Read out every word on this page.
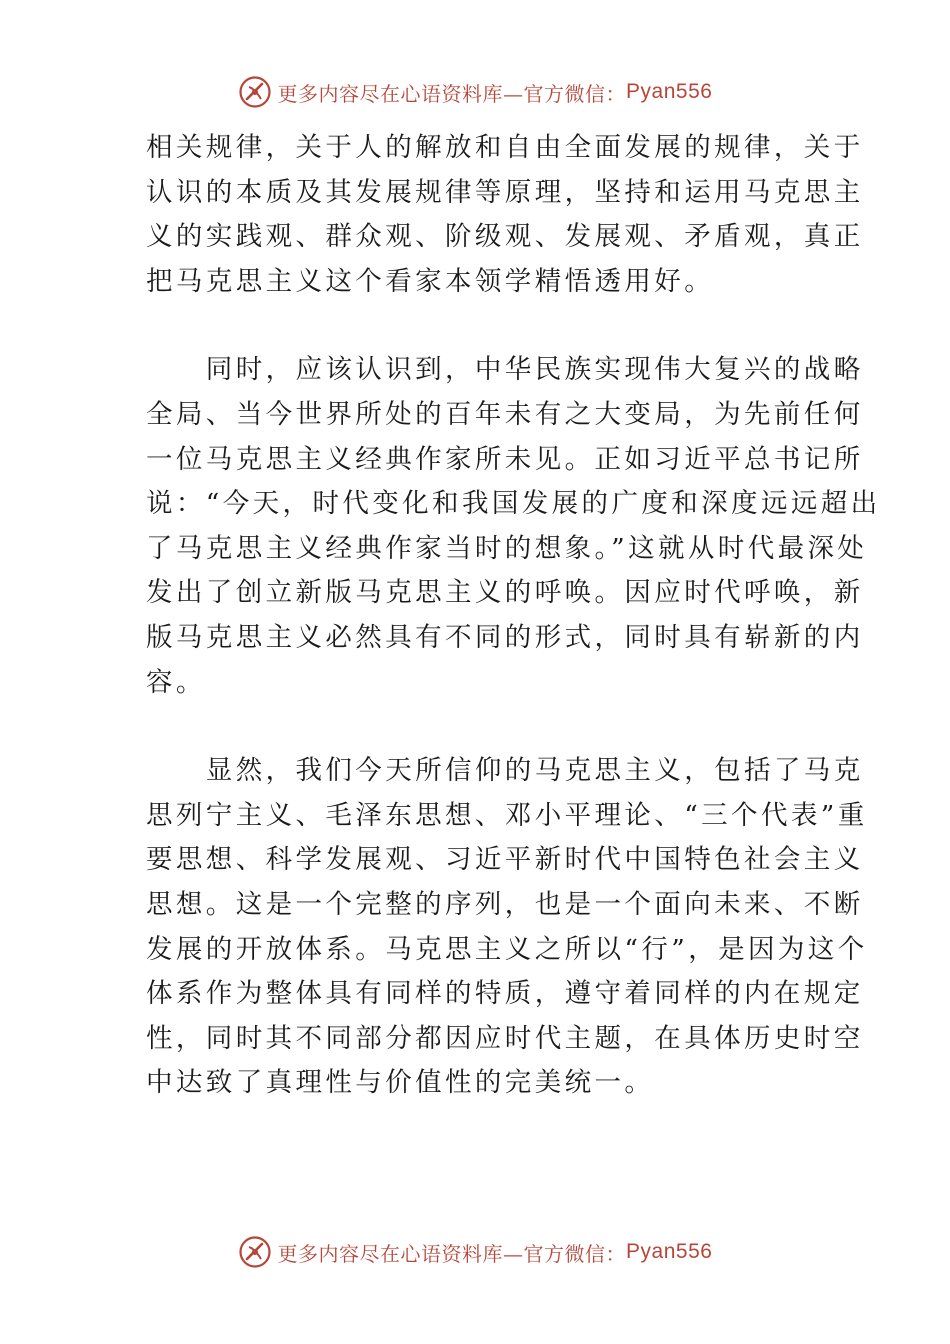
更多内容尽在心语资料库—官方微信： Pyan556

相关规律，关于人的解放和自由全面发展的规律，关于
认识的本质及其发展规律等原理，坚持和运用马克思主
义的实践观、群众观、阶级观、发展观、矛盾观，真正
把马克思主义这个看家本领学精悟透用好。

　　同时，应该认识到，中华民族实现伟大复兴的战略
全局、当今世界所处的百年未有之大变局，为先前任何
一位马克思主义经典作家所未见。正如习近平总书记所
说：“今天，时代变化和我国发展的广度和深度远远超出
了马克思主义经典作家当时的想象。”这就从时代最深处
发出了创立新版马克思主义的呼唤。因应时代呼唤，新
版马克思主义必然具有不同的形式，同时具有崭新的内
容。

　　显然，我们今天所信仰的马克思主义，包括了马克
思列宁主义、毛泽东思想、邓小平理论、“三个代表”重
要思想、科学发展观、习近平新时代中国特色社会主义
思想。这是一个完整的序列，也是一个面向未来、不断
发展的开放体系。马克思主义之所以“行”，是因为这个
体系作为整体具有同样的特质，遵守着同样的内在规定
性，同时其不同部分都因应时代主题，在具体历史时空
中达致了真理性与价值性的完美统一。

更多内容尽在心语资料库—官方微信： Pyan556
